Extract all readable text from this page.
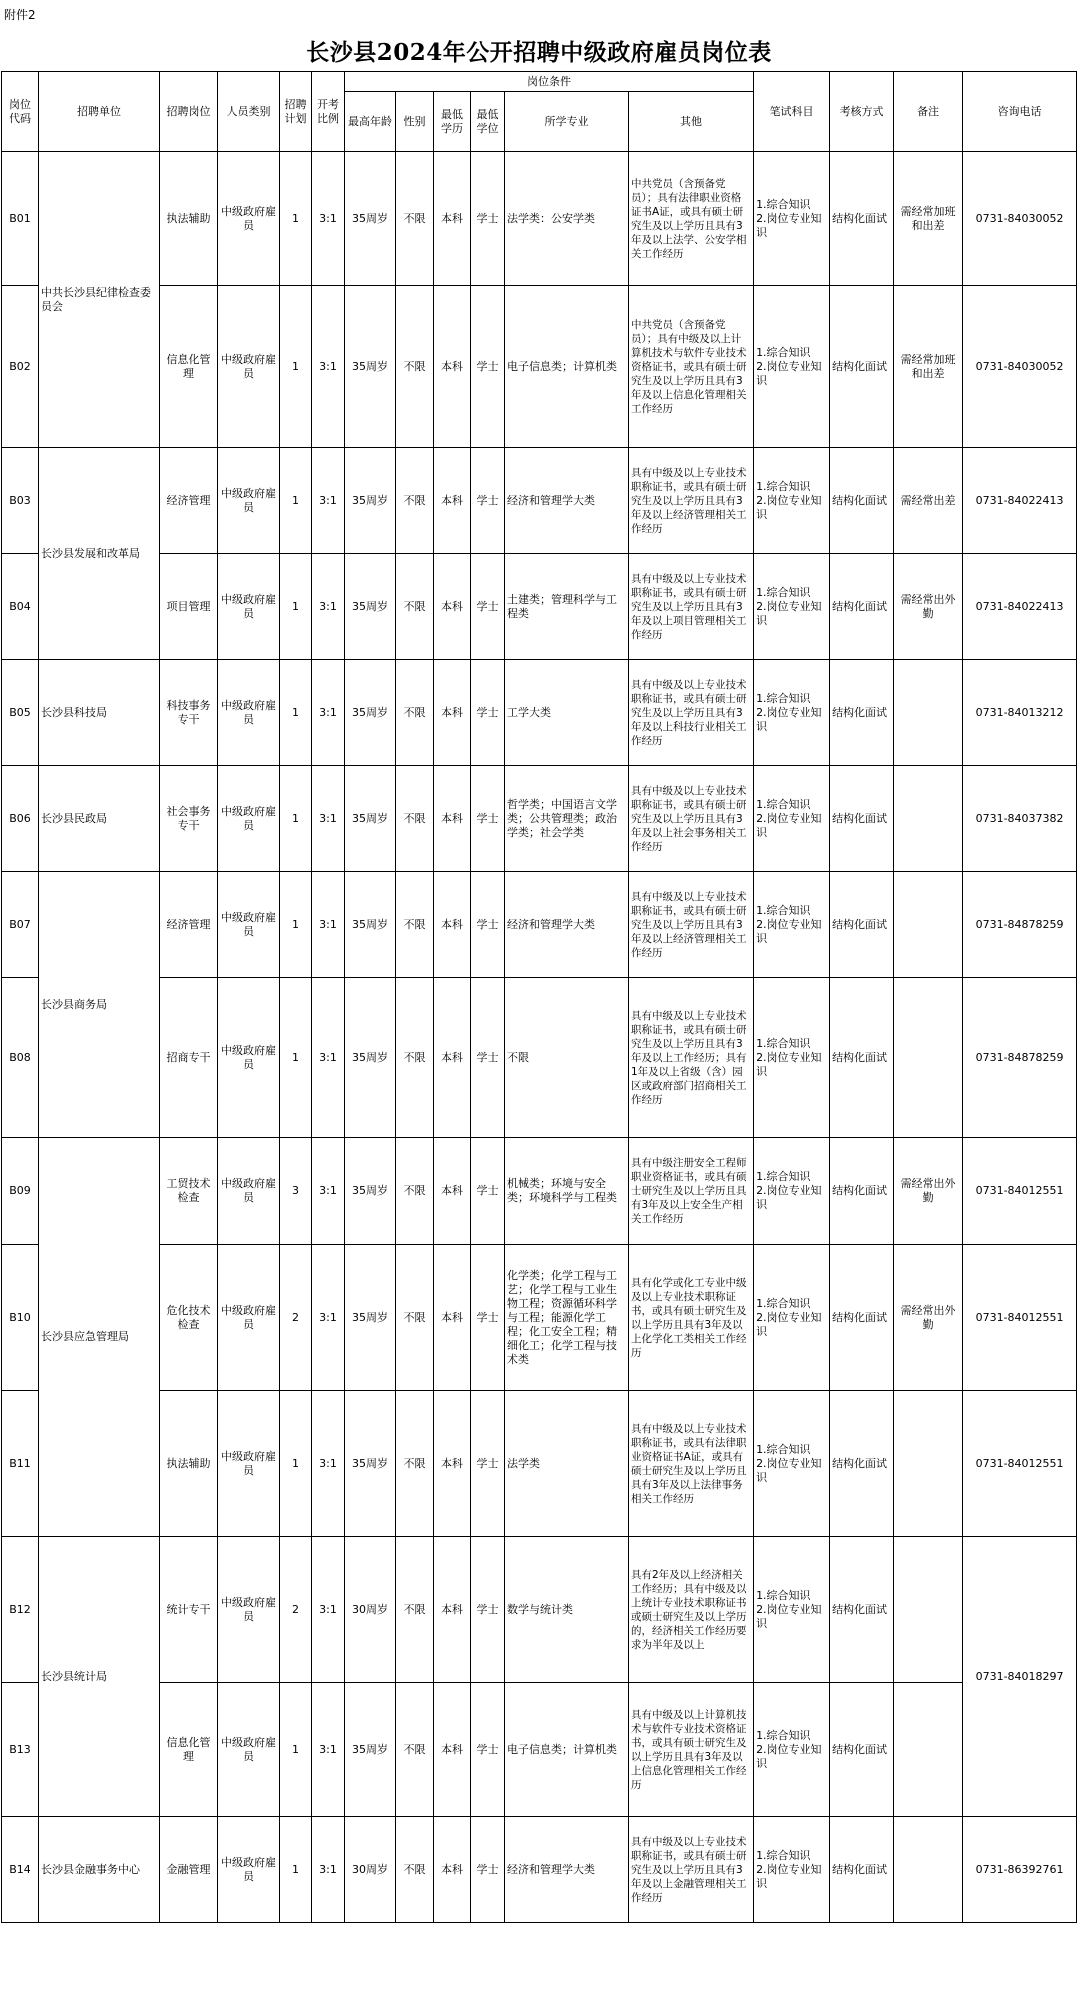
附件2
长沙县2024年公开招聘中级政府雇员岗位表
岗位代码	招聘单位	招聘岗位	人员类别	招聘计划	开考比例	岗位条件						笔试科目	考核方式	备注	咨询电话
						最高年龄	性别	最低学历	最低学位	所学专业	其他				
B01	中共长沙县纪律检查委员会	执法辅助	中级政府雇员	1	3:1	35周岁	不限	本科	学士	法学类：公安学类	中共党员（含预备党员）；具有法律职业资格证书A证，或具有硕士研究生及以上学历且具有3年及以上法学、公安学相关工作经历	1.综合知识
2.岗位专业知识	结构化面试	需经常加班和出差	0731-84030052
B02		信息化管理	中级政府雇员	1	3:1	35周岁	不限	本科	学士	电子信息类；计算机类	中共党员（含预备党员）；具有中级及以上计算机技术与软件专业技术资格证书，或具有硕士研究生及以上学历且具有3年及以上信息化管理相关工作经历	1.综合知识
2.岗位专业知识	结构化面试	需经常加班和出差	0731-84030052
B03	长沙县发展和改革局	经济管理	中级政府雇员	1	3:1	35周岁	不限	本科	学士	经济和管理学大类	具有中级及以上专业技术职称证书，或具有硕士研究生及以上学历且具有3年及以上经济管理相关工作经历	1.综合知识
2.岗位专业知识	结构化面试	需经常出差	0731-84022413
B04		项目管理	中级政府雇员	1	3:1	35周岁	不限	本科	学士	土建类；管理科学与工程类	具有中级及以上专业技术职称证书，或具有硕士研究生及以上学历且具有3年及以上项目管理相关工作经历	1.综合知识
2.岗位专业知识	结构化面试	需经常出外勤	0731-84022413
B05	长沙县科技局	科技事务专干	中级政府雇员	1	3:1	35周岁	不限	本科	学士	工学大类	具有中级及以上专业技术职称证书，或具有硕士研究生及以上学历且具有3年及以上科技行业相关工作经历	1.综合知识
2.岗位专业知识	结构化面试		0731-84013212
B06	长沙县民政局	社会事务专干	中级政府雇员	1	3:1	35周岁	不限	本科	学士	哲学类；中国语言文学类；公共管理类；政治学类；社会学类	具有中级及以上专业技术职称证书，或具有硕士研究生及以上学历且具有3年及以上社会事务相关工作经历	1.综合知识
2.岗位专业知识	结构化面试		0731-84037382
B07	长沙县商务局	经济管理	中级政府雇员	1	3:1	35周岁	不限	本科	学士	经济和管理学大类	具有中级及以上专业技术职称证书，或具有硕士研究生及以上学历且具有3年及以上经济管理相关工作经历	1.综合知识
2.岗位专业知识	结构化面试		0731-84878259
B08		招商专干	中级政府雇员	1	3:1	35周岁	不限	本科	学士	不限	具有中级及以上专业技术职称证书，或具有硕士研究生及以上学历且具有3年及以上工作经历；具有1年及以上省级（含）园区或政府部门招商相关工作经历	1.综合知识
2.岗位专业知识	结构化面试		0731-84878259
B09	长沙县应急管理局	工贸技术检查	中级政府雇员	3	3:1	35周岁	不限	本科	学士	机械类；环境与安全类；环境科学与工程类	具有中级注册安全工程师职业资格证书，或具有硕士研究生及以上学历且具有3年及以上安全生产相关工作经历	1.综合知识
2.岗位专业知识	结构化面试	需经常出外勤	0731-84012551
B10		危化技术检查	中级政府雇员	2	3:1	35周岁	不限	本科	学士	化学类；化学工程与工艺；化学工程与工业生物工程；资源循环科学与工程；能源化学工程；化工安全工程；精细化工；化学工程与技术类	具有化学或化工专业中级及以上专业技术职称证书，或具有硕士研究生及以上学历且具有3年及以上化学化工类相关工作经历	1.综合知识
2.岗位专业知识	结构化面试	需经常出外勤	0731-84012551
B11		执法辅助	中级政府雇员	1	3:1	35周岁	不限	本科	学士	法学类	具有中级及以上专业技术职称证书，或具有法律职业资格证书A证，或具有硕士研究生及以上学历且具有3年及以上法律事务相关工作经历	1.综合知识
2.岗位专业知识	结构化面试		0731-84012551
B12	长沙县统计局	统计专干	中级政府雇员	2	3:1	30周岁	不限	本科	学士	数学与统计类	具有2年及以上经济相关工作经历；具有中级及以上统计专业技术职称证书或硕士研究生及以上学历的，经济相关工作经历要求为半年及以上	1.综合知识
2.岗位专业知识	结构化面试		0731-84018297
B13		信息化管理	中级政府雇员	1	3:1	35周岁	不限	本科	学士	电子信息类；计算机类	具有中级及以上计算机技术与软件专业技术资格证书，或具有硕士研究生及以上学历且具有3年及以上信息化管理相关工作经历	1.综合知识
2.岗位专业知识	结构化面试		
B14	长沙县金融事务中心	金融管理	中级政府雇员	1	3:1	30周岁	不限	本科	学士	经济和管理学大类	具有中级及以上专业技术职称证书，或具有硕士研究生及以上学历且具有3年及以上金融管理相关工作经历	1.综合知识
2.岗位专业知识	结构化面试		0731-86392761
